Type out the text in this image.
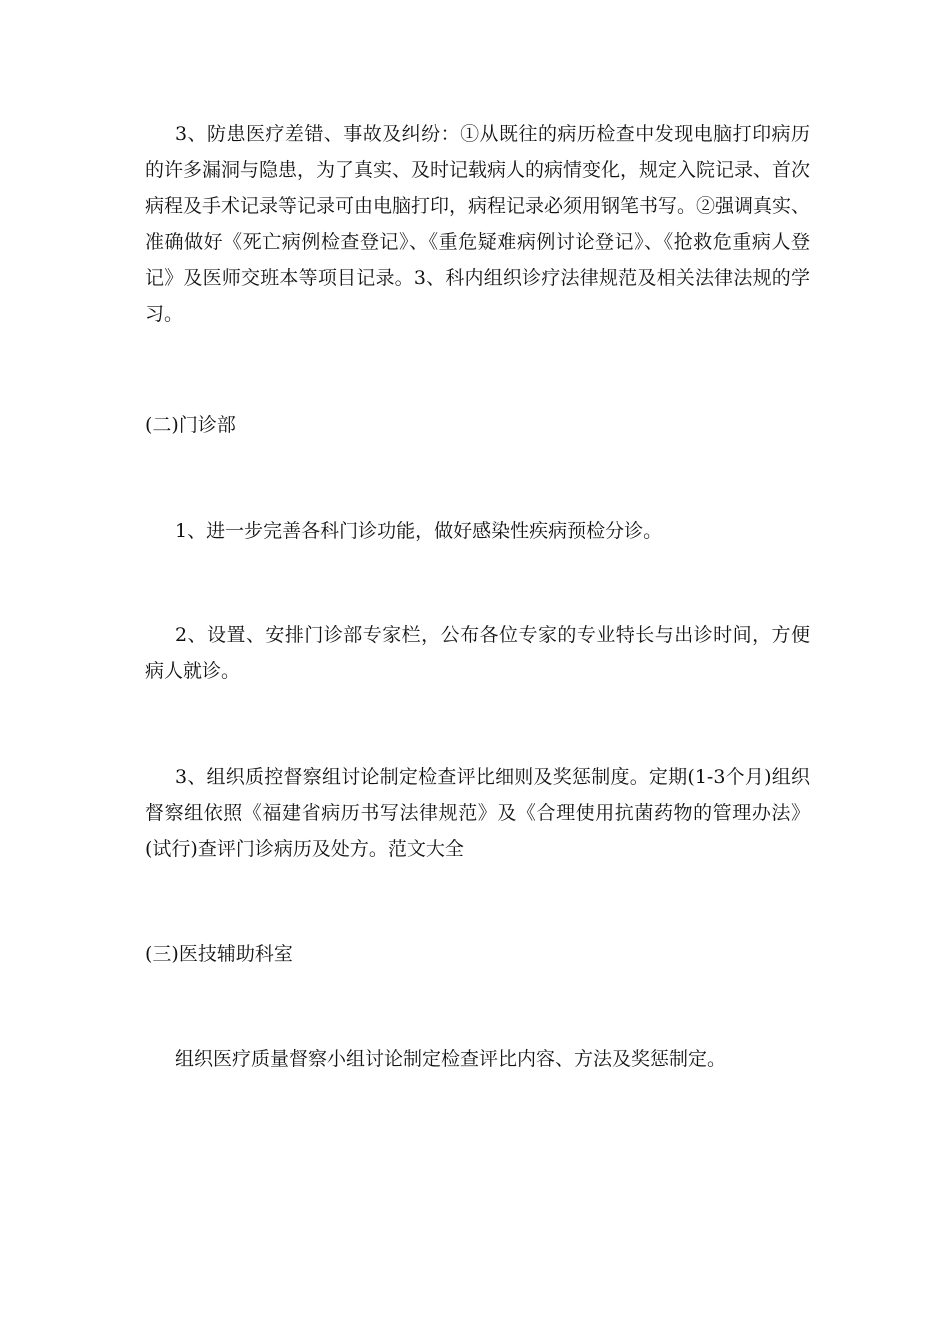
3、防患医疗差错、事故及纠纷：①从既往的病历检查中发现电脑打印病历的许多漏洞与隐患，为了真实、及时记载病人的病情变化，规定入院记录、首次病程及手术记录等记录可由电脑打印，病程记录必须用钢笔书写。②强调真实、准确做好《死亡病例检查登记》、《重危疑难病例讨论登记》、《抢救危重病人登记》及医师交班本等项目记录。3、科内组织诊疗法律规范及相关法律法规的学习。

(二)门诊部

1、进一步完善各科门诊功能，做好感染性疾病预检分诊。

2、设置、安排门诊部专家栏，公布各位专家的专业特长与出诊时间，方便病人就诊。

3、组织质控督察组讨论制定检查评比细则及奖惩制度。定期(1-3个月)组织督察组依照《福建省病历书写法律规范》及《合理使用抗菌药物的管理办法》(试行)查评门诊病历及处方。范文大全

(三)医技辅助科室

组织医疗质量督察小组讨论制定检查评比内容、方法及奖惩制定。
